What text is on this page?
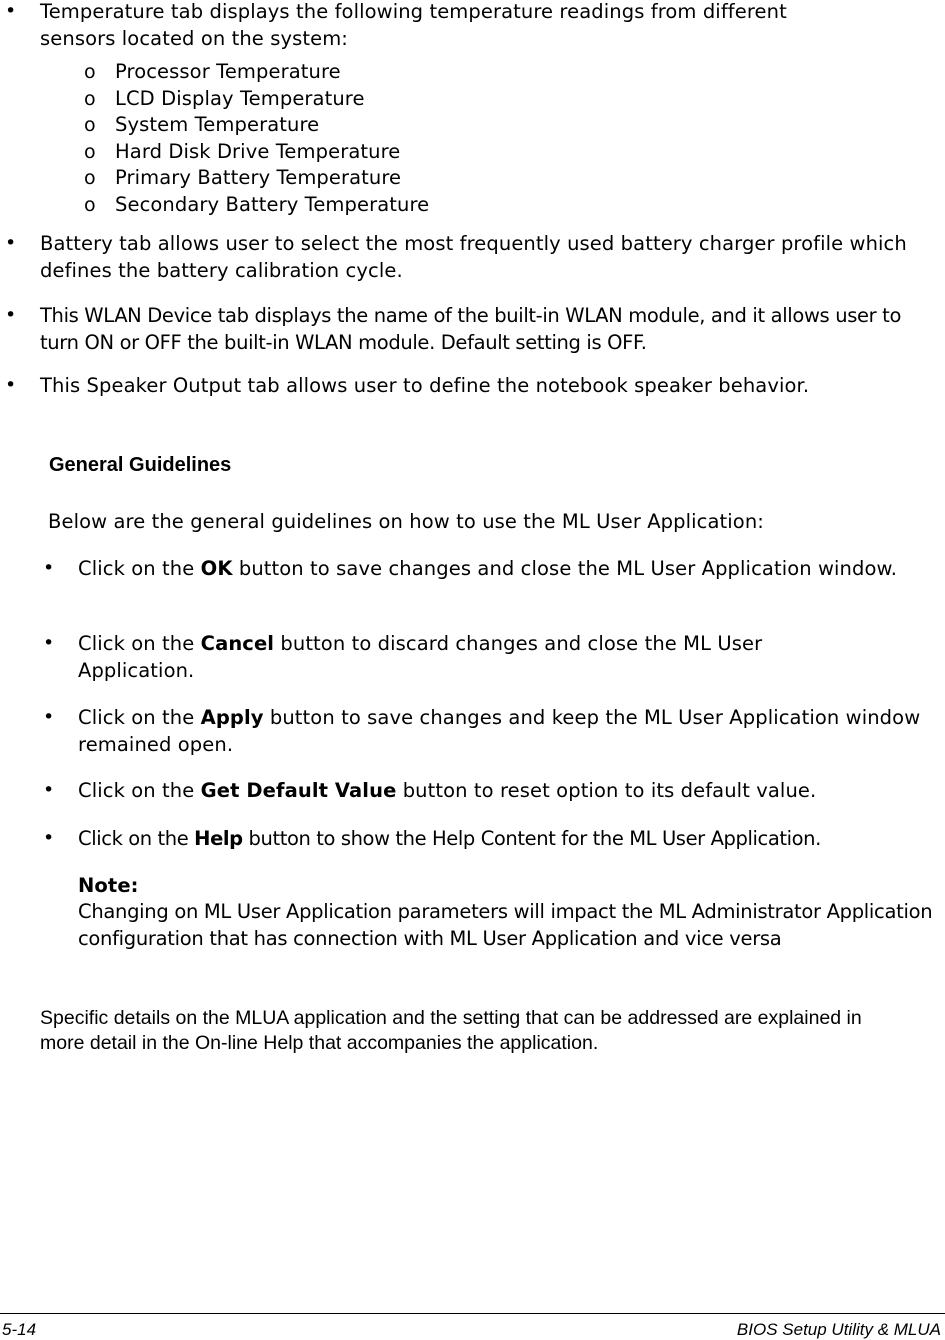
•	Temperature tab displays the following temperature readings from different sensors located on the system:
o Processor Temperature
o LCD Display Temperature
o System Temperature
o Hard Disk Drive Temperature
o Primary Battery Temperature
o Secondary Battery Temperature
•	Battery tab allows user to select the most frequently used battery charger profile which defines the battery calibration cycle.
•	This WLAN Device tab displays the name of the built-in WLAN module, and it allows user to turn ON or OFF the built-in WLAN module. Default setting is OFF.
•	This Speaker Output tab allows user to define the notebook speaker behavior.
General Guidelines
Below are the general guidelines on how to use the ML User Application:
•	Click on the OK button to save changes and close the ML User Application window.
•	Click on the Cancel button to discard changes and close the ML User Application.
•	Click on the Apply button to save changes and keep the ML User Application window remained open.
•	Click on the Get Default Value button to reset option to its default value.
•	Click on the Help button to show the Help Content for the ML User Application.
Note:
Changing on ML User Application parameters will impact the ML Administrator Application configuration that has connection with ML User Application and vice versa
Specific details on the MLUA application and the setting that can be addressed are explained in more detail in the On-line Help that accompanies the application.
5-14	BIOS Setup Utility & MLUA
